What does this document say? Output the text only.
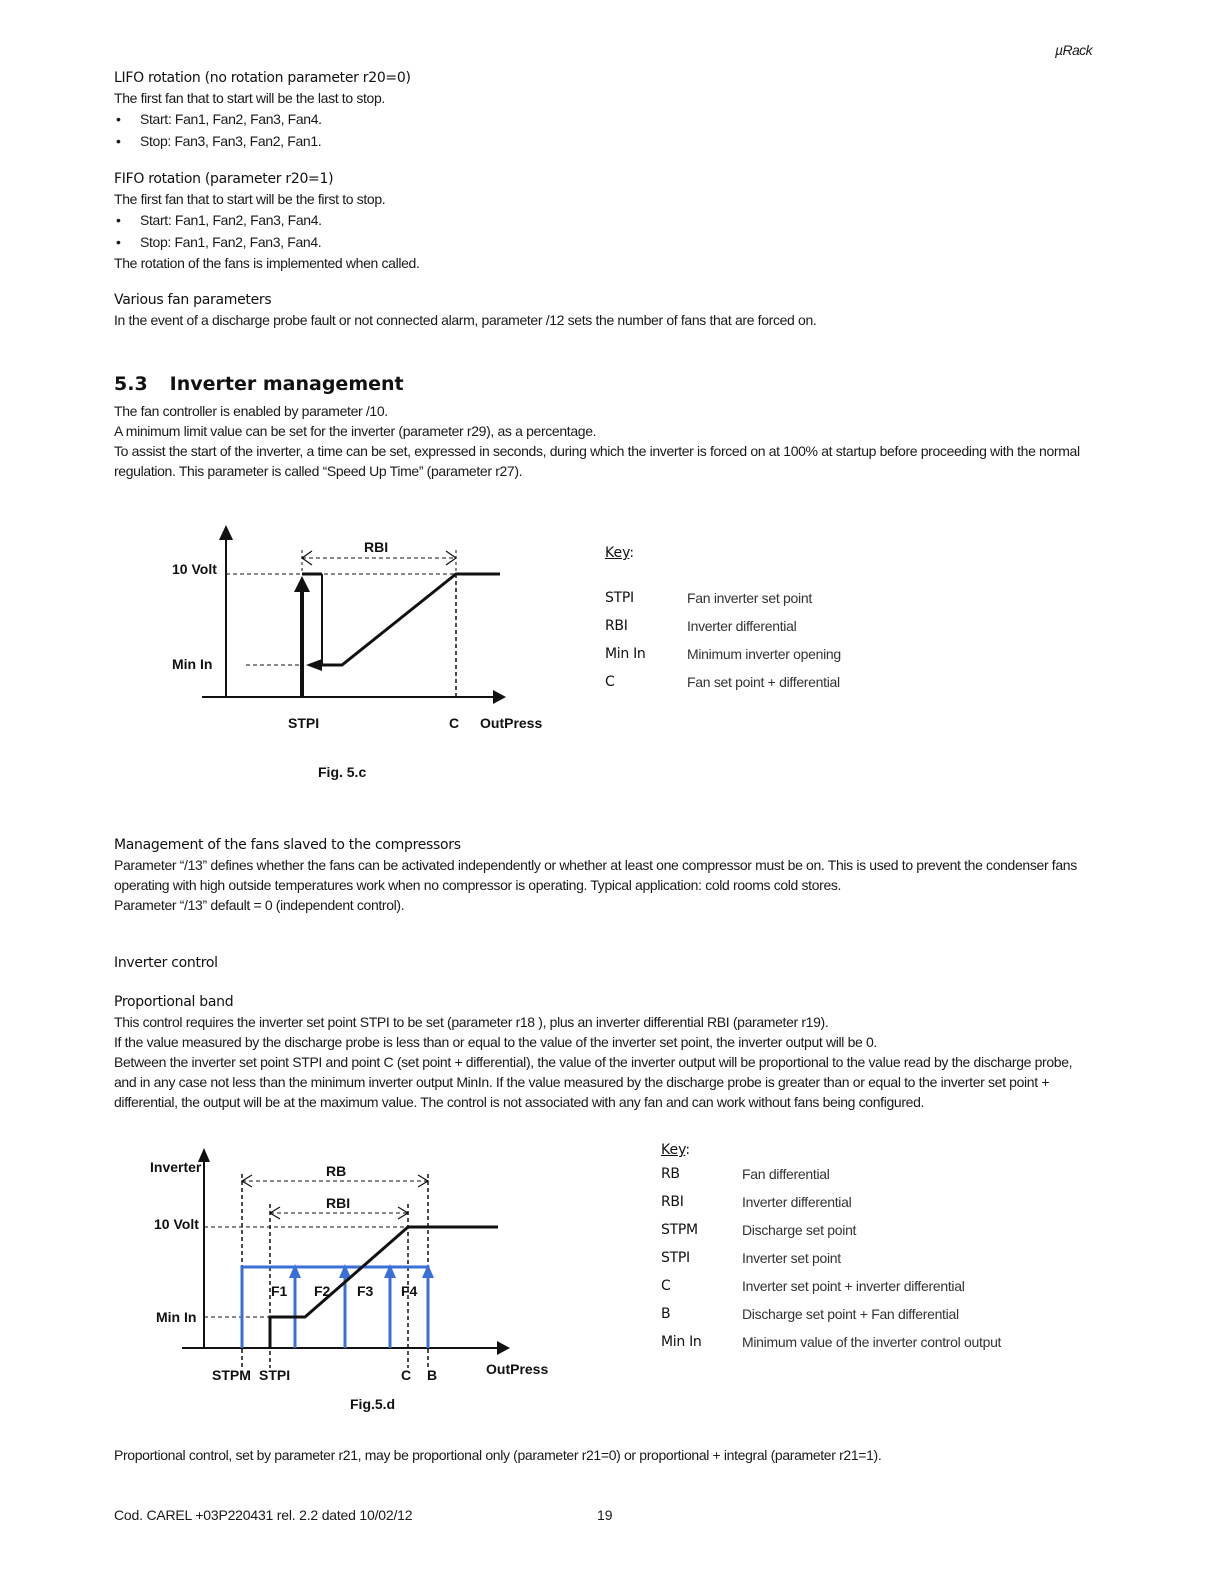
µRack
LIFO rotation (no rotation parameter r20=0)
The first fan that to start will be the last to stop.
• Start: Fan1, Fan2, Fan3, Fan4.
• Stop: Fan3, Fan3, Fan2, Fan1.
FIFO rotation (parameter r20=1)
The first fan that to start will be the first to stop.
• Start: Fan1, Fan2, Fan3, Fan4.
• Stop: Fan1, Fan2, Fan3, Fan4.
The rotation of the fans is implemented when called.
Various fan parameters
In the event of a discharge probe fault or not connected alarm, parameter /12 sets the number of fans that are forced on.
5.3 Inverter management
The fan controller is enabled by parameter /10.
A minimum limit value can be set for the inverter (parameter r29), as a percentage.
To assist the start of the inverter, a time can be set, expressed in seconds, during which the inverter is forced on at 100% at startup before proceeding with the normal
regulation. This parameter is called “Speed Up Time” (parameter r27).
10 Volt
Min In
RBI
STPI	C OutPress
Fig. 5.c
Key:
STPI	Fan inverter set point
RBI	Inverter differential
Min In	Minimum inverter opening
C	Fan set point + differential
Management of the fans slaved to the compressors
Parameter “/13” defines whether the fans can be activated independently or whether at least one compressor must be on. This is used to prevent the condenser fans
operating with high outside temperatures work when no compressor is operating. Typical application: cold rooms cold stores.
Parameter “/13” default = 0 (independent control).
Inverter control
Proportional band
This control requires the inverter set point STPI to be set (parameter r18 ), plus an inverter differential RBI (parameter r19).
If the value measured by the discharge probe is less than or equal to the value of the inverter set point, the inverter output will be 0.
Between the inverter set point STPI and point C (set point + differential), the value of the inverter output will be proportional to the value read by the discharge probe,
and in any case not less than the minimum inverter output MinIn. If the value measured by the discharge probe is greater than or equal to the inverter set point +
differential, the output will be at the maximum value. The control is not associated with any fan and can work without fans being configured.
Inverter
10 Volt
Min In
RB
RBI
F1 F2 F3 F4
STPM STPI	C B	OutPress
Fig.5.d
Key:
RB	Fan differential
RBI	Inverter differential
STPM	Discharge set point
STPI	Inverter set point
C	Inverter set point + inverter differential
B	Discharge set point + Fan differential
Min In	Minimum value of the inverter control output
Proportional control, set by parameter r21, may be proportional only (parameter r21=0) or proportional + integral (parameter r21=1).
Cod. CAREL +03P220431 rel. 2.2 dated 10/02/12	19
